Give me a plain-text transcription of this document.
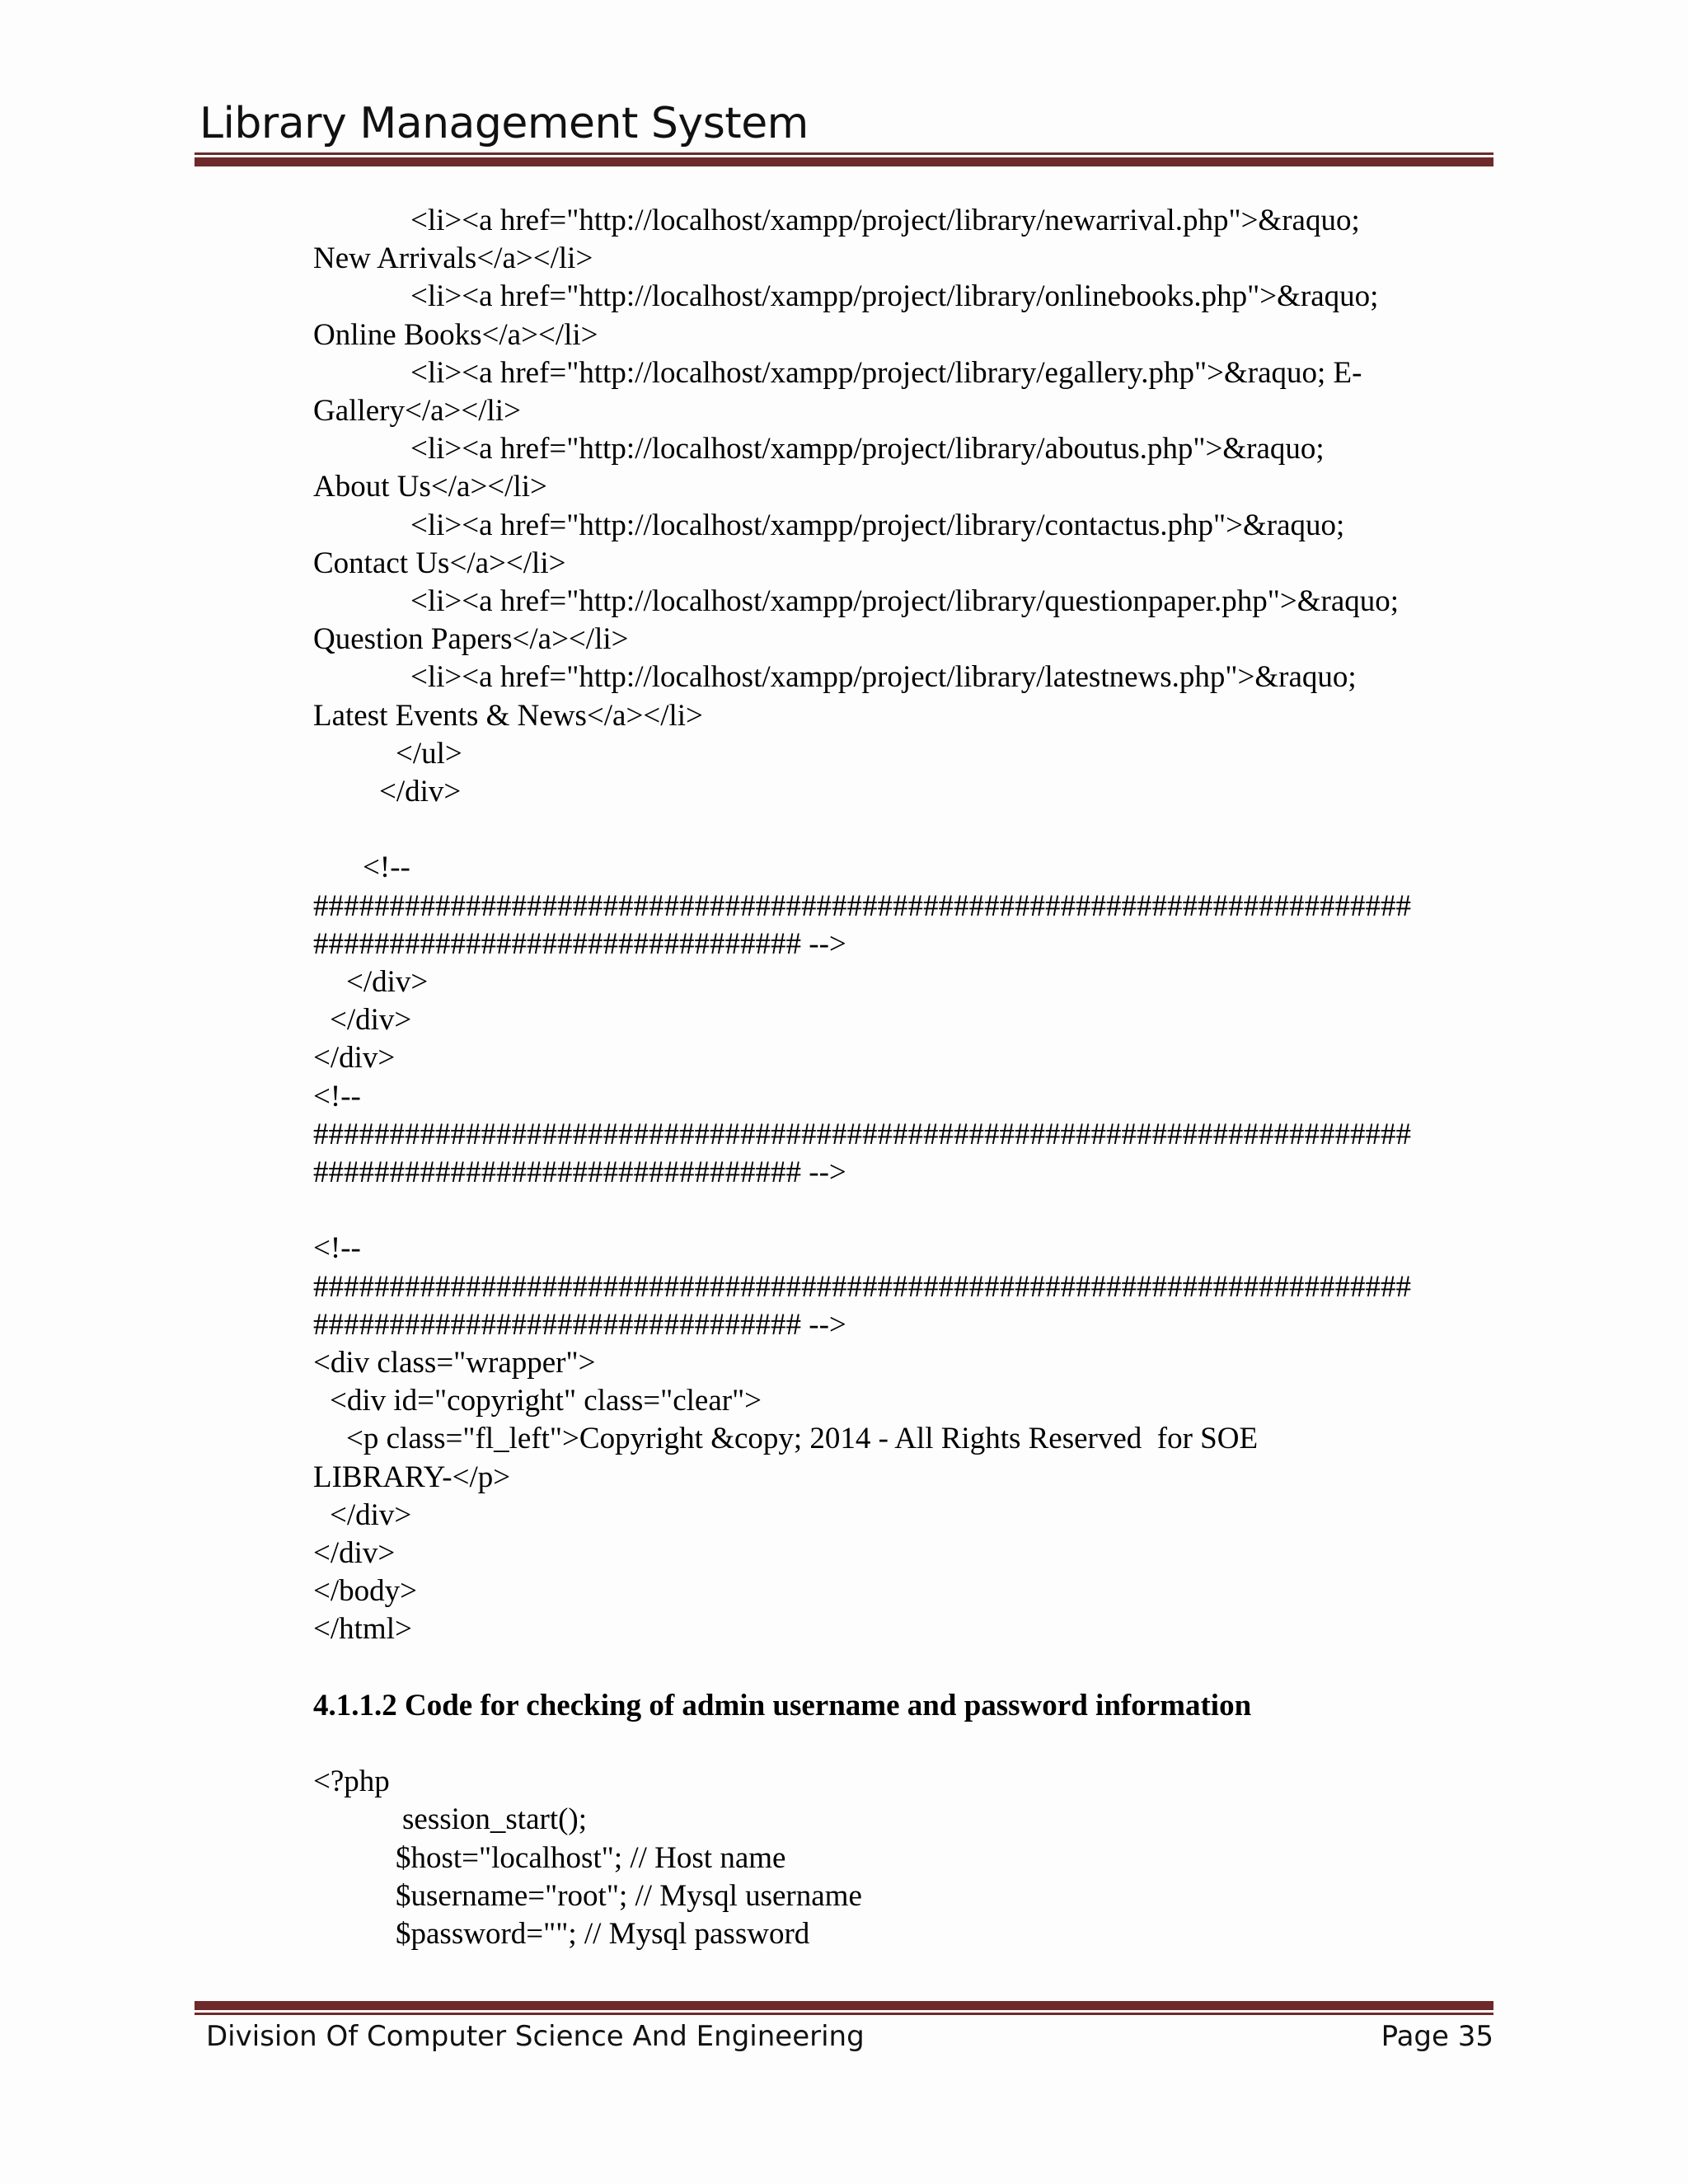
Library Management System
<li><a href="http://localhost/xampp/project/library/newarrival.php">&raquo;
New Arrivals</a></li>
<li><a href="http://localhost/xampp/project/library/onlinebooks.php">&raquo;
Online Books</a></li>
<li><a href="http://localhost/xampp/project/library/egallery.php">&raquo; E-
Gallery</a></li>
<li><a href="http://localhost/xampp/project/library/aboutus.php">&raquo;
About Us</a></li>
<li><a href="http://localhost/xampp/project/library/contactus.php">&raquo;
Contact Us</a></li>
<li><a href="http://localhost/xampp/project/library/questionpaper.php">&raquo;
Question Papers</a></li>
<li><a href="http://localhost/xampp/project/library/latestnews.php">&raquo;
Latest Events & News</a></li>
</ul>
</div>
<!--
########################################################################
################################ -->
</div>
</div>
</div>
<!--
########################################################################
################################ -->
<!--
########################################################################
################################ -->
<div class="wrapper">
<div id="copyright" class="clear">
<p class="fl_left">Copyright &copy; 2014 - All Rights Reserved  for SOE
LIBRARY-</p>
</div>
</div>
</body>
</html>
4.1.1.2 Code for checking of admin username and password information
<?php
session_start();
$host="localhost"; // Host name
$username="root"; // Mysql username
$password=""; // Mysql password
Division Of Computer Science And Engineering	Page 35
